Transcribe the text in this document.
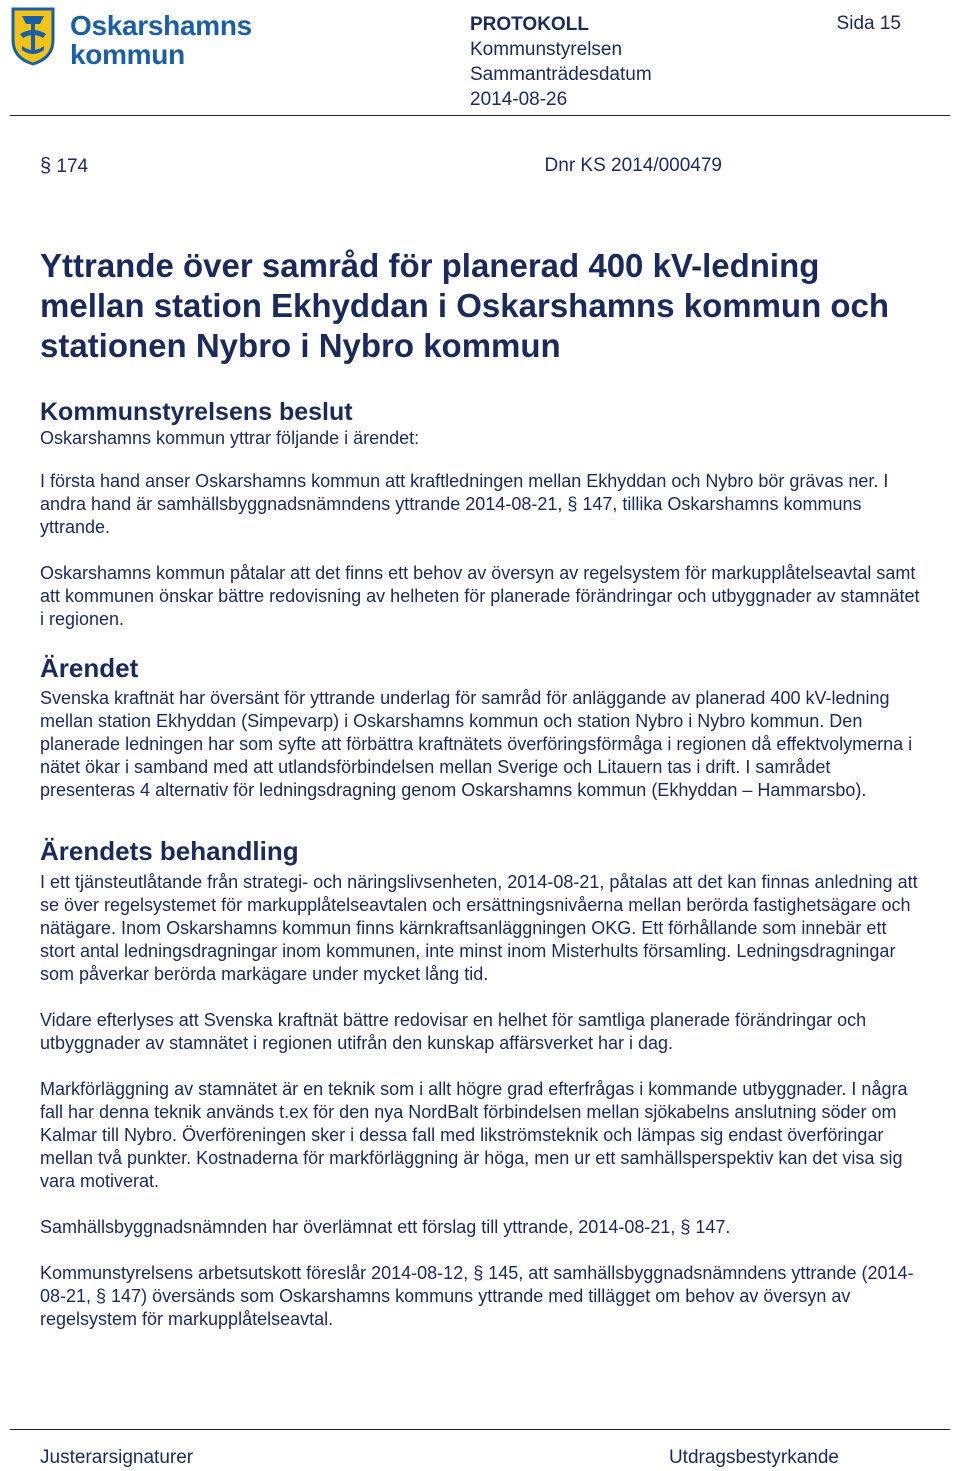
Oskarshamns
kommun
PROTOKOLL
Kommunstyrelsen
Sammanträdesdatum
2014-08-26
Sida 15
§ 174	Dnr KS 2014/000479
Yttrande över samråd för planerad 400 kV-ledning mellan station Ekhyddan i Oskarshamns kommun och stationen Nybro i Nybro kommun
Kommunstyrelsens beslut

Oskarshamns kommun yttrar följande i ärendet:

I första hand anser Oskarshamns kommun att kraftledningen mellan Ekhyddan och Nybro bör grävas ner. I andra hand är samhällsbyggnadsnämndens yttrande 2014-08-21, § 147, tillika Oskarshamns kommuns yttrande.

Oskarshamns kommun påtalar att det finns ett behov av översyn av regelsystem för markupplåtelseavtal samt att kommunen önskar bättre redovisning av helheten för planerade förändringar och utbyggnader av stamnätet i regionen.

Ärendet

Svenska kraftnät har översänt för yttrande underlag för samråd för anläggande av planerad 400 kV-ledning mellan station Ekhyddan (Simpevarp) i Oskarshamns kommun och station Nybro i Nybro kommun. Den planerade ledningen har som syfte att förbättra kraftnätets överföringsförmåga i regionen då effektvolymerna i nätet ökar i samband med att utlandsförbindelsen mellan Sverige och Litauern tas i drift. I samrådet presenteras 4 alternativ för ledningsdragning genom Oskarshamns kommun (Ekhyddan – Hammarsbo).

Ärendets behandling

I ett tjänsteutlåtande från strategi- och näringslivsenheten, 2014-08-21, påtalas att det kan finnas anledning att se över regelsystemet för markupplåtelseavtalen och ersättningsnivåerna mellan berörda fastighetsägare och nätägare. Inom Oskarshamns kommun finns kärnkraftsanläggningen OKG. Ett förhållande som innebär ett stort antal ledningsdragningar inom kommunen, inte minst inom Misterhults församling. Ledningsdragningar som påverkar berörda markägare under mycket lång tid.

Vidare efterlyses att Svenska kraftnät bättre redovisar en helhet för samtliga planerade förändringar och utbyggnader av stamnätet i regionen utifrån den kunskap affärsverket har i dag.

Markförläggning av stamnätet är en teknik som i allt högre grad efterfrågas i kommande utbyggnader. I några fall har denna teknik används t.ex för den nya NordBalt förbindelsen mellan sjökabelns anslutning söder om Kalmar till Nybro. Överföreningen sker i dessa fall med likströmsteknik och lämpas sig endast överföringar mellan två punkter. Kostnaderna för markförläggning är höga, men ur ett samhällsperspektiv kan det visa sig vara motiverat.

Samhällsbyggnadsnämnden har överlämnat ett förslag till yttrande, 2014-08-21, § 147.

Kommunstyrelsens arbetsutskott föreslår 2014-08-12, § 145, att samhällsbyggnadsnämndens yttrande (2014-08-21, § 147) översänds som Oskarshamns kommuns yttrande med tillägget om behov av översyn av regelsystem för markupplåtelseavtal.

Justerarsignaturer	Utdragsbestyrkande
